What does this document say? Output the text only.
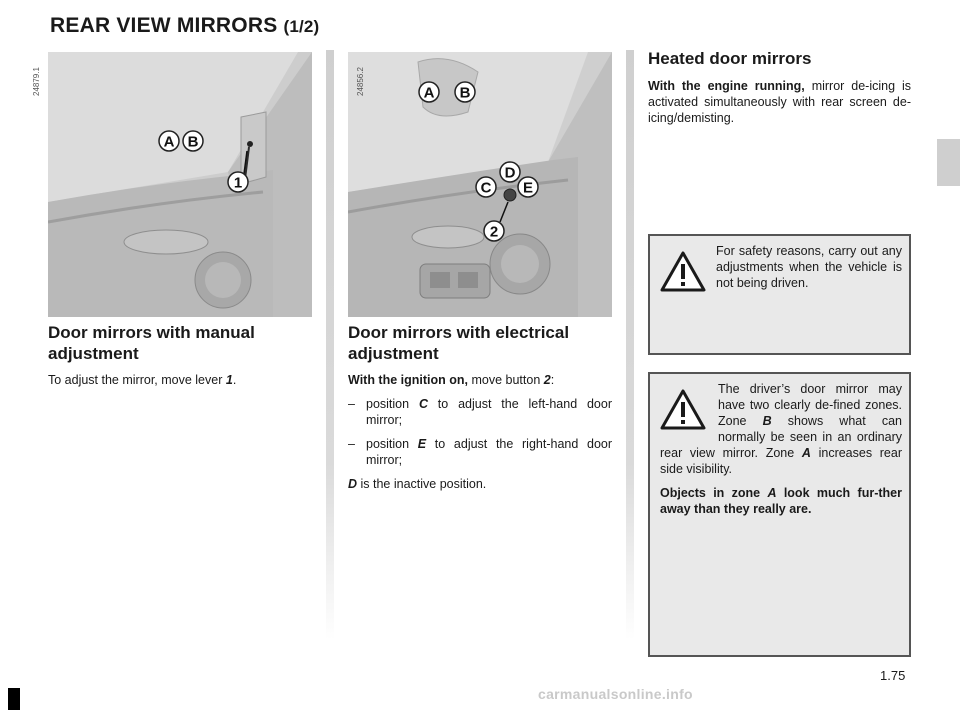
REAR VIEW MIRRORS (1/2)
A B
1
24879.1	A B
D
C E
2
24856.2
Door mirrors with manual adjustment
To adjust the mirror, move lever 1.
Door mirrors with electrical adjustment
With the ignition on, move button 2:
– position C to adjust the left-hand door mirror;
– position E to adjust the right-hand door mirror;
D is the inactive position.
Heated door mirrors
With the engine running, mirror de-icing is activated simultaneously with rear screen de-icing/demisting.
For safety reasons, carry out any adjustments when the vehicle is not being driven.
The driver’s door mirror may have two clearly de-fined zones. Zone B shows what can normally be seen in an ordinary rear view mirror. Zone A increases rear side visibility.
Objects in zone A look much fur-ther away than they really are.
1.75
carmanualsonline.info
